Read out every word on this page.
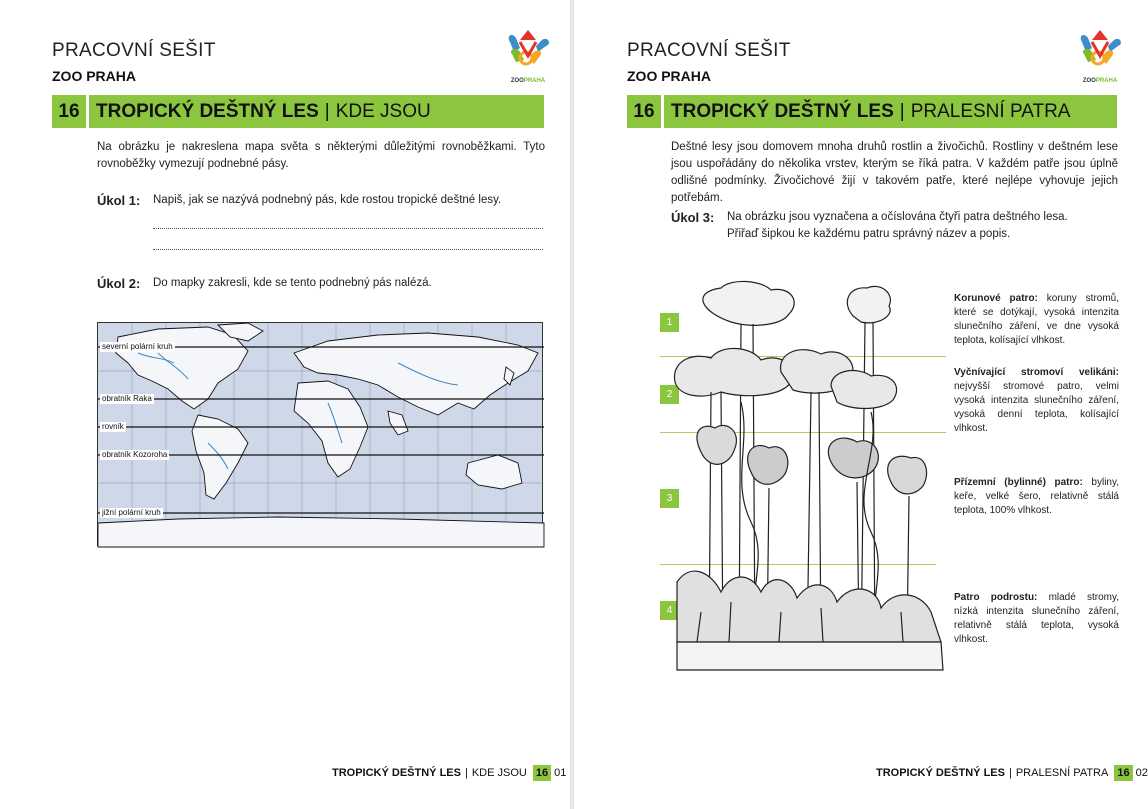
PRACOVNÍ SEŠIT
ZOO PRAHA	ZOOPRAHA
16 TROPICKÝ DEŠTNÝ LES | KDE JSOU
Na obrázku je nakreslena mapa světa s některými důležitými rovnoběžkami. Tyto rovnoběžky vymezují podnebné pásy.
Úkol 1:	Napiš, jak se nazývá podnebný pás, kde rostou tropické deštné lesy.
Úkol 2:	Do mapky zakresli, kde se tento podnebný pás nalézá.
severní polární kruh
obratník Raka
rovník
obratník Kozoroha
jižní polární kruh
TROPICKÝ DEŠTNÝ LES | KDE JSOU 16 01
PRACOVNÍ SEŠIT
ZOO PRAHA	ZOOPRAHA
16 TROPICKÝ DEŠTNÝ LES | PRALESNÍ PATRA
Deštné lesy jsou domovem mnoha druhů rostlin a živočichů. Rostliny v deštném lese jsou uspořádány do několika vrstev, kterým se říká patra. V každém patře jsou úplně odlišné podmínky. Živočichové žijí v takovém patře, které nejlépe vyhovuje jejich potřebám.
Úkol 3:	Na obrázku jsou vyznačena a očíslována čtyři patra deštného lesa.
Přiřaď šipkou ke každému patru správný název a popis.
1
2
3
4
Korunové patro: koruny stromů, které se dotýkají, vysoká intenzita slunečního záření, ve dne vysoká teplota, kolísající vlhkost.
Vyčnívající stromoví velikáni: nejvyšší stromové patro, velmi vysoká intenzita slunečního záření, vysoká denní teplota, kolísající vlhkost.
Přízemní (bylinné) patro: byliny, keře, velké šero, relativně stálá teplota, 100% vlhkost.
Patro podrostu: mladé stromy, nízká intenzita slunečního záření, relativně stálá teplota, vysoká vlhkost.
TROPICKÝ DEŠTNÝ LES | PRALESNÍ PATRA 16 02
